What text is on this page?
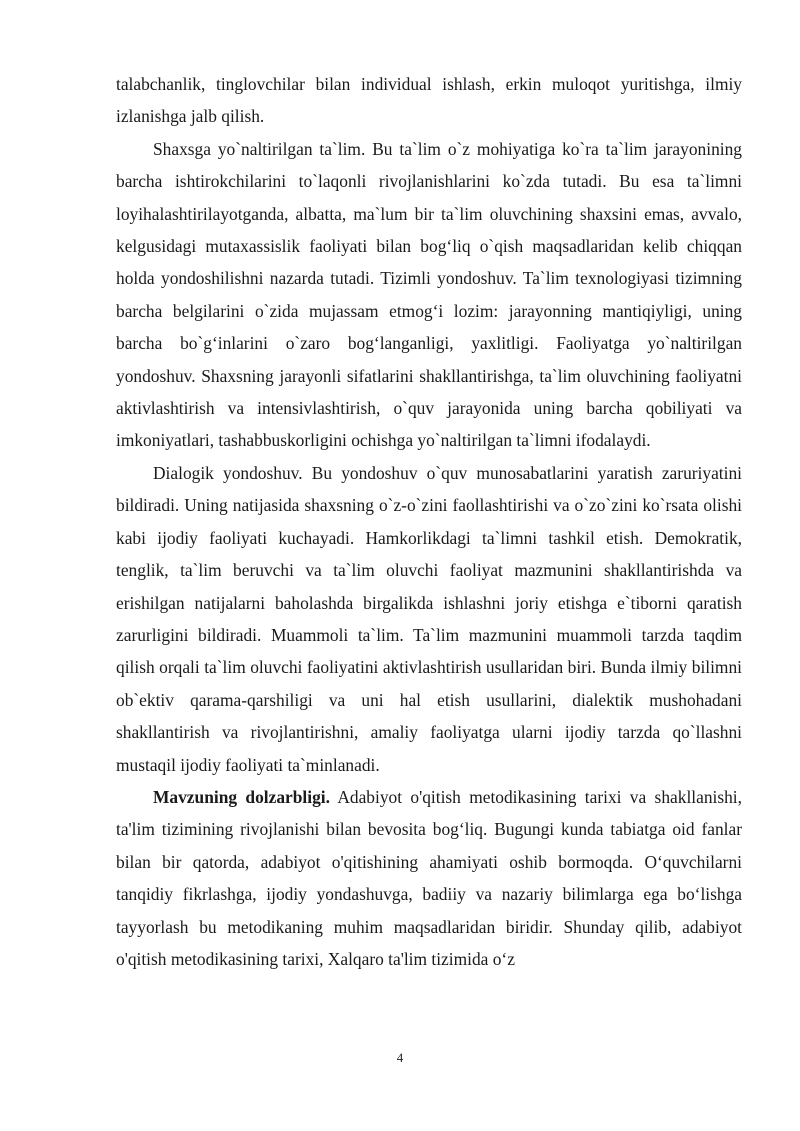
talabchanlik, tinglovchilar bilan individual ishlash, erkin muloqot yuritishga, ilmiy izlanishga jalb qilish.

Shaxsga yo`naltirilgan ta`lim. Bu ta`lim o`z mohiyatiga ko`ra ta`lim jarayonining barcha ishtirokchilarini to`laqonli rivojlanishlarini ko`zda tutadi. Bu esa ta`limni loyihalashtirilayotganda, albatta, ma`lum bir ta`lim oluvchining shaxsini emas, avvalo, kelgusidagi mutaxassislik faoliyati bilan bog‘liq o`qish maqsadlaridan kelib chiqqan holda yondoshilishni nazarda tutadi. Tizimli yondoshuv. Ta`lim texnologiyasi tizimning barcha belgilarini o`zida mujassam etmog‘i lozim: jarayonning mantiqiyligi, uning barcha bo`g‘inlarini o`zaro bog‘langanligi, yaxlitligi. Faoliyatga yo`naltirilgan yondoshuv. Shaxsning jarayonli sifatlarini shakllantirishga, ta`lim oluvchining faoliyatni aktivlashtirish va intensivlashtirish, o`quv jarayonida uning barcha qobiliyati va imkoniyatlari, tashabbuskorligini ochishga yo`naltirilgan ta`limni ifodalaydi.

Dialogik yondoshuv. Bu yondoshuv o`quv munosabatlarini yaratish zaruriyatini bildiradi. Uning natijasida shaxsning o`z-o`zini faollashtirishi va o`zo`zini ko`rsata olishi kabi ijodiy faoliyati kuchayadi. Hamkorlikdagi ta`limni tashkil etish. Demokratik, tenglik, ta`lim beruvchi va ta`lim oluvchi faoliyat mazmunini shakllantirishda va erishilgan natijalarni baholashda birgalikda ishlashni joriy etishga e`tiborni qaratish zarurligini bildiradi. Muammoli ta`lim. Ta`lim mazmunini muammoli tarzda taqdim qilish orqali ta`lim oluvchi faoliyatini aktivlashtirish usullaridan biri. Bunda ilmiy bilimni ob`ektiv qarama-qarshiligi va uni hal etish usullarini, dialektik mushohadani shakllantirish va rivojlantirishni, amaliy faoliyatga ularni ijodiy tarzda qo`llashni mustaqil ijodiy faoliyati ta`minlanadi.

Mavzuning dolzarbligi. Adabiyot o'qitish metodikasining tarixi va shakllanishi, ta'lim tizimining rivojlanishi bilan bevosita bog‘liq. Bugungi kunda tabiatga oid fanlar bilan bir qatorda, adabiyot o'qitishining ahamiyati oshib bormoqda. O‘quvchilarni tanqidiy fikrlashga, ijodiy yondashuvga, badiiy va nazariy bilimlarga ega bo‘lishga tayyorlash bu metodikaning muhim maqsadlaridan biridir. Shunday qilib, adabiyot o'qitish metodikasining tarixi, Xalqaro ta'lim tizimida o‘z

4
